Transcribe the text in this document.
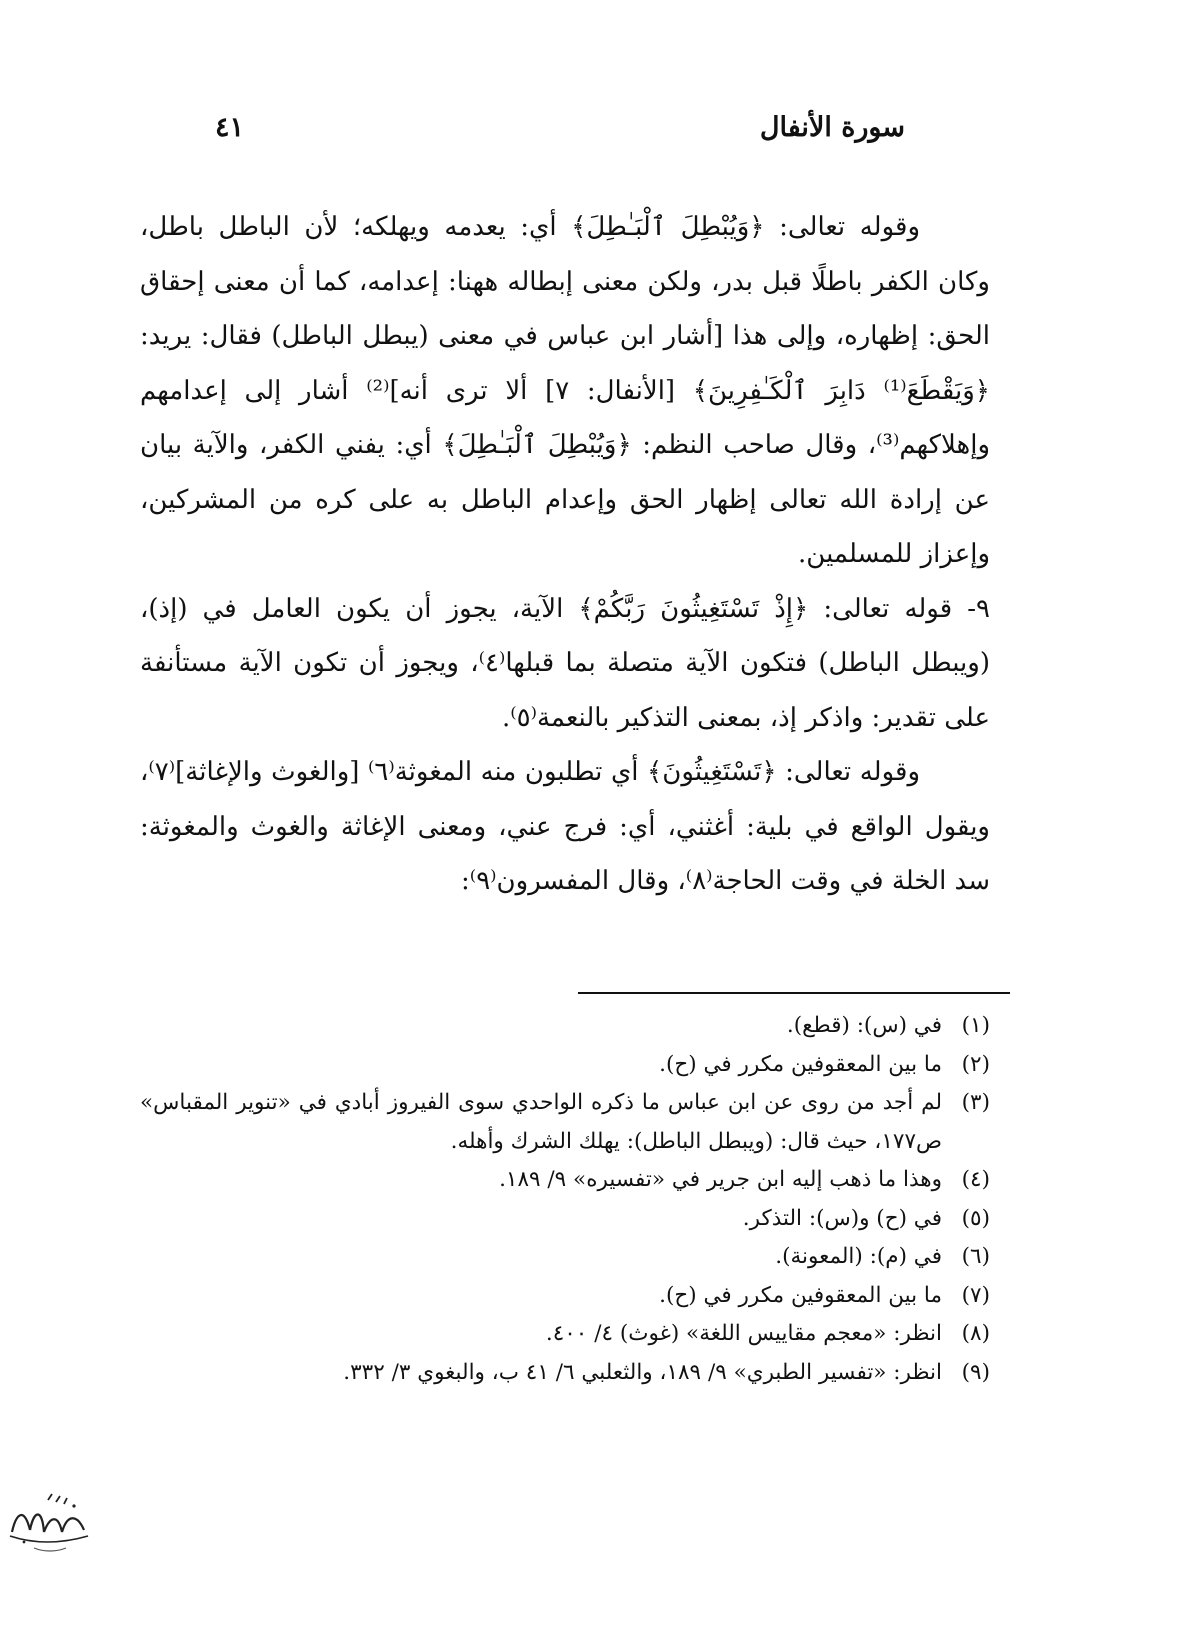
سورة الأنفال
٤١

وقوله تعالى: ﴿وَيُبْطِلَ ٱلْبَـٰطِلَ﴾ أي: يعدمه ويهلكه؛ لأن الباطل باطل، وكان الكفر باطلًا قبل بدر، ولكن معنى إبطاله ههنا: إعدامه، كما أن معنى إحقاق الحق: إظهاره، وإلى هذا [أشار ابن عباس في معنى (يبطل الباطل) فقال: يريد: ﴿وَيَقْطَعَ⁽¹⁾ دَابِرَ ٱلْكَـٰفِرِينَ﴾ [الأنفال: ٧] ألا ترى أنه]⁽²⁾ أشار إلى إعدامهم وإهلاكهم⁽³⁾، وقال صاحب النظم: ﴿وَيُبْطِلَ ٱلْبَـٰطِلَ﴾ أي: يفني الكفر، والآية بيان عن إرادة الله تعالى إظهار الحق وإعدام الباطل به على كره من المشركين، وإعزاز للمسلمين.

٩- قوله تعالى: ﴿إِذْ تَسْتَغِيثُونَ رَبَّكُمْ﴾ الآية، يجوز أن يكون العامل في (إذ)، (ويبطل الباطل) فتكون الآية متصلة بما قبلها⁽٤⁾، ويجوز أن تكون الآية مستأنفة على تقدير: واذكر إذ، بمعنى التذكير بالنعمة⁽٥⁾.

وقوله تعالى: ﴿تَسْتَغِيثُونَ﴾ أي تطلبون منه المغوثة⁽٦⁾ [والغوث والإغاثة]⁽٧⁾، ويقول الواقع في بلية: أغثني، أي: فرج عني، ومعنى الإغاثة والغوث والمغوثة: سد الخلة في وقت الحاجة⁽٨⁾، وقال المفسرون⁽٩⁾:

(١)
في (س): (قطع).
(٢)
ما بين المعقوفين مكرر في (ح).
(٣)
لم أجد من روى عن ابن عباس ما ذكره الواحدي سوى الفيروز أبادي في «تنوير المقباس» ص١٧٧، حيث قال: (ويبطل الباطل): يهلك الشرك وأهله.
(٤)
وهذا ما ذهب إليه ابن جرير في «تفسيره» ٩/ ١٨٩.
(٥)
في (ح) و(س): التذكر.
(٦)
في (م): (المعونة).
(٧)
ما بين المعقوفين مكرر في (ح).
(٨)
انظر: «معجم مقاييس اللغة» (غوث) ٤/ ٤٠٠.
(٩)
انظر: «تفسير الطبري» ٩/ ١٨٩، والثعلبي ٦/ ٤١ ب، والبغوي ٣/ ٣٣٢.
